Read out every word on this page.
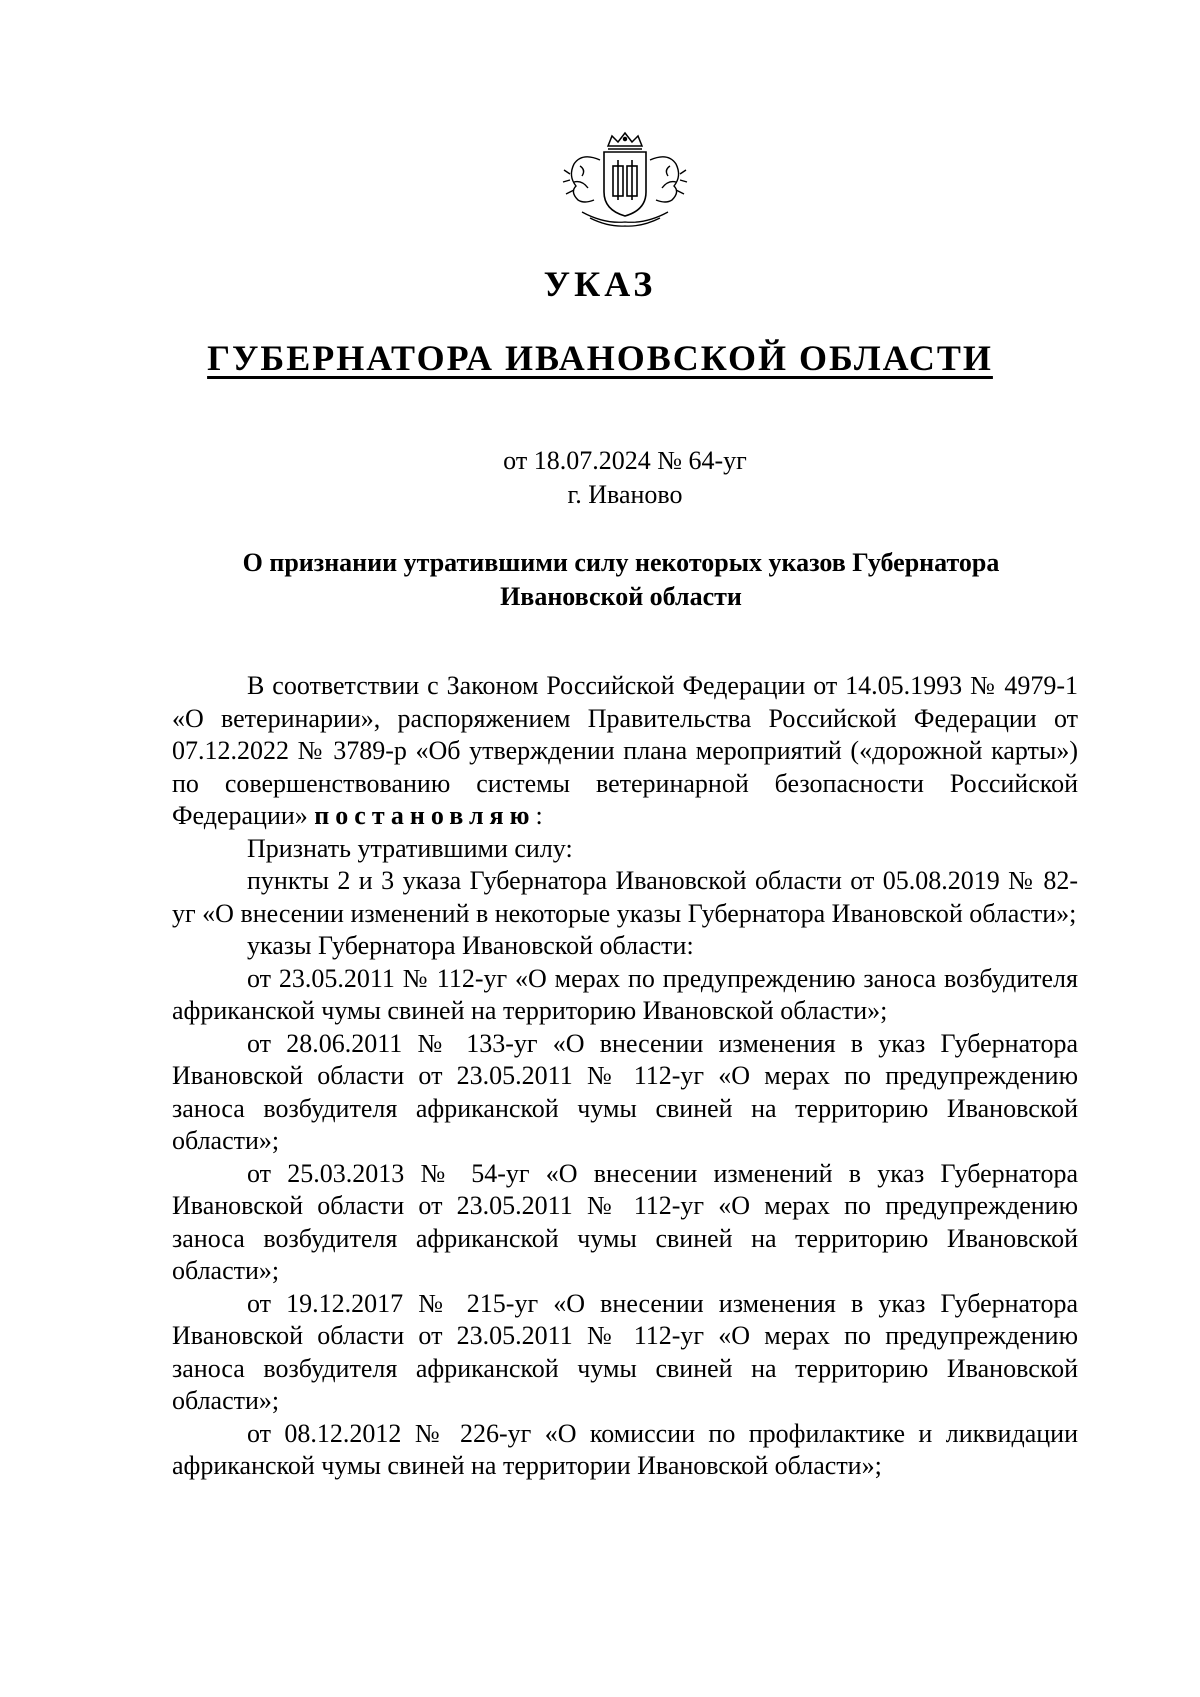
УКАЗ
ГУБЕРНАТОРА ИВАНОВСКОЙ ОБЛАСТИ
от 18.07.2024 № 64-уг
г. Иваново
О признании утратившими силу некоторых указов Губернатора Ивановской области

В соответствии с Законом Российской Федерации от 14.05.1993 № 4979-1 «О ветеринарии», распоряжением Правительства Российской Федерации от 07.12.2022 № 3789-р «Об утверждении плана мероприятий («дорожной карты») по совершенствованию системы ветеринарной безопасности Российской Федерации» постановляю:

Признать утратившими силу:

пункты 2 и 3 указа Губернатора Ивановской области от 05.08.2019 № 82-уг «О внесении изменений в некоторые указы Губернатора Ивановской области»;

указы Губернатора Ивановской области:

от 23.05.2011 № 112-уг «О мерах по предупреждению заноса возбудителя африканской чумы свиней на территорию Ивановской области»;

от 28.06.2011 № 133-уг «О внесении изменения в указ Губернатора Ивановской области от 23.05.2011 № 112-уг «О мерах по предупреждению заноса возбудителя африканской чумы свиней на территорию Ивановской области»;

от 25.03.2013 № 54-уг «О внесении изменений в указ Губернатора Ивановской области от 23.05.2011 № 112-уг «О мерах по предупреждению заноса возбудителя африканской чумы свиней на территорию Ивановской области»;

от 19.12.2017 № 215-уг «О внесении изменения в указ Губернатора Ивановской области от 23.05.2011 № 112-уг «О мерах по предупреждению заноса возбудителя африканской чумы свиней на территорию Ивановской области»;

от 08.12.2012 № 226-уг «О комиссии по профилактике и ликвидации африканской чумы свиней на территории Ивановской области»;
